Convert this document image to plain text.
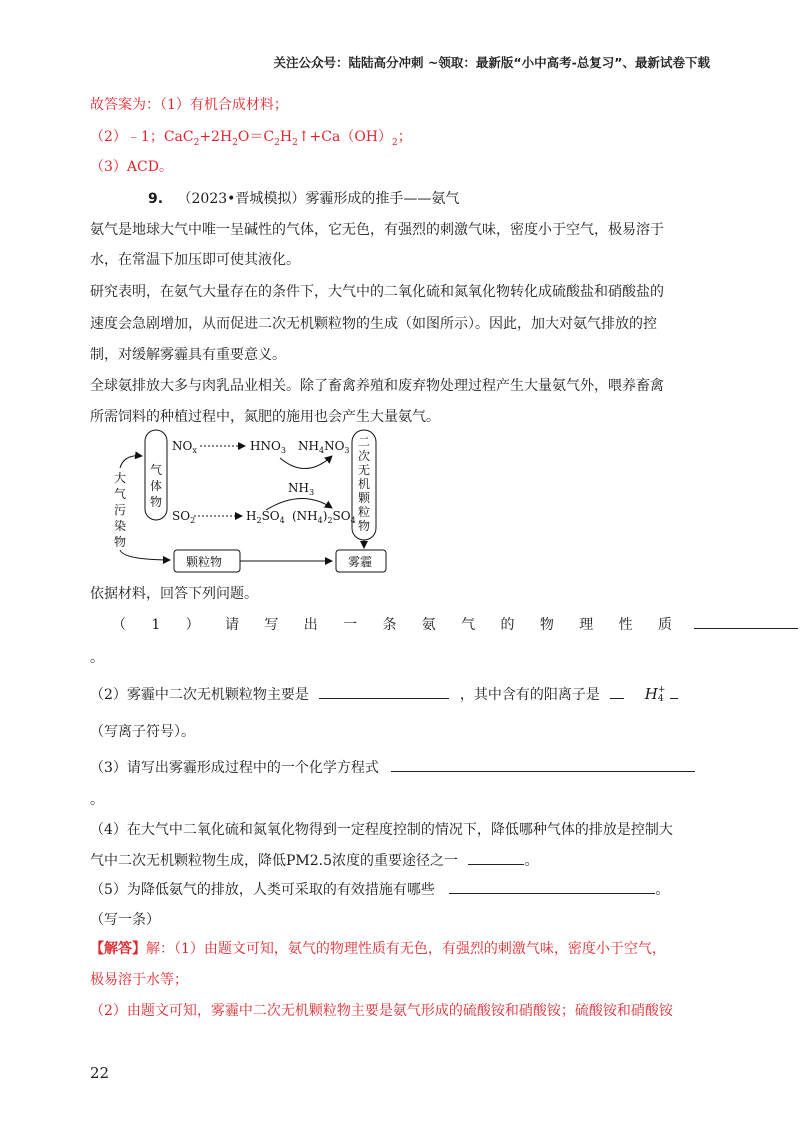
关注公众号：陆陆高分冲刺 ~领取：最新版“小中高考-总复习”、最新试卷下载
故答案为：（1）有机合成材料；
（2）﹣1；$CaC_2+2H_2O=C_2H_2↑+Ca(OH)_2$；
（3）ACD。
9. （2023•晋城模拟）雾霾形成的推手——氨气
氨气是地球大气中唯一呈碱性的气体，它无色，有强烈的刺激气味，密度小于空气，极易溶于
水，在常温下加压即可使其液化。
研究表明，在氨气大量存在的条件下，大气中的二氧化硫和氮氧化物转化成硫酸盐和硝酸盐的
速度会急剧增加，从而促进二次无机颗粒物的生成（如图所示）。因此，加大对氨气排放的控
制，对缓解雾霾具有重要意义。
全球氨排放大多与肉乳品业相关。除了畜禽养殖和废弃物处理过程产生大量氨气外，喂养畜禽
所需饲料的种植过程中，氮肥的施用也会产生大量氨气。
大
气
污
染
物
气
体
物
$NO_x$	$HNO_3$ $NH_4NO_3$
$NH_3$
$SO_2$	$H_2SO_4$ $(NH_4)_2SO_4$
二
次
无
机
颗
粒
物
颗粒物	雾霾
依据材料，回答下列问题。
（ 1 ） 请 写 出 一 条 氨 气 的 物 理 性 质
。
（2）雾霾中二次无机颗粒物主要是	，其中含有的阳离子是	H +
4

（写离子符号）。
（3）请写出雾霾形成过程中的一个化学方程式
。
（4）在大气中二氧化硫和氮氧化物得到一定程度控制的情况下，降低哪种气体的排放是控制大
气中二次无机颗粒物生成，降低PM2.5浓度的重要途径之一	。
（5）为降低氨气的排放，人类可采取的有效措施有哪些	。
（写一条）
【解答】解：（1）由题文可知，氨气的物理性质有无色，有强烈的刺激气味，密度小于空气，
极易溶于水等；
（2）由题文可知，雾霾中二次无机颗粒物主要是氨气形成的硫酸铵和硝酸铵；硫酸铵和硝酸铵
22
